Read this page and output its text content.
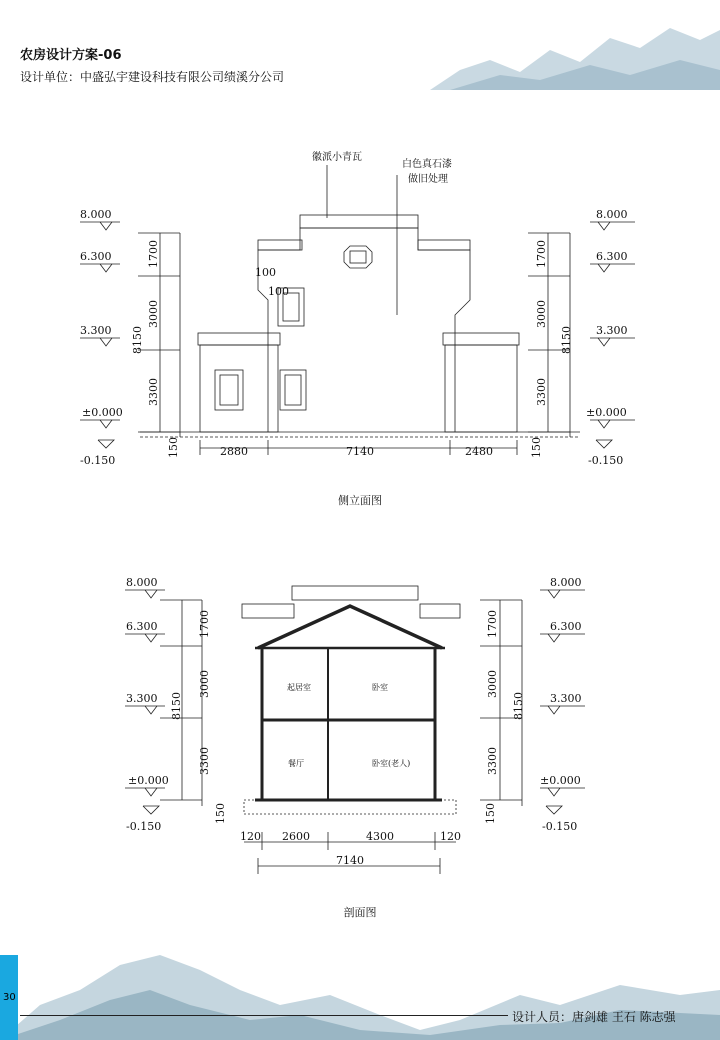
农房设计方案-06
设计单位：中盛弘宇建设科技有限公司绩溪分公司
徽派小青瓦
白色真石漆
做旧处理
8.000
6.300
3.300
±0.000
-0.150
8.000
6.300
3.300
±0.000
-0.150
100
100
1700
3000
3300
8150
150
1700
3000
3300
8150
150
2880	7140	2480
侧立面图
8.000
6.300
3.300
±0.000
-0.150
8.000
6.300
3.300
±0.000
-0.150
1700
3000
3300
8150
150
1700
3000
3300
8150
150
120 2600	4300	120
7140
起居室	卧室
餐厅	卧室(老人)
剖面图
30
设计人员：唐剑雄 王石 陈志强
